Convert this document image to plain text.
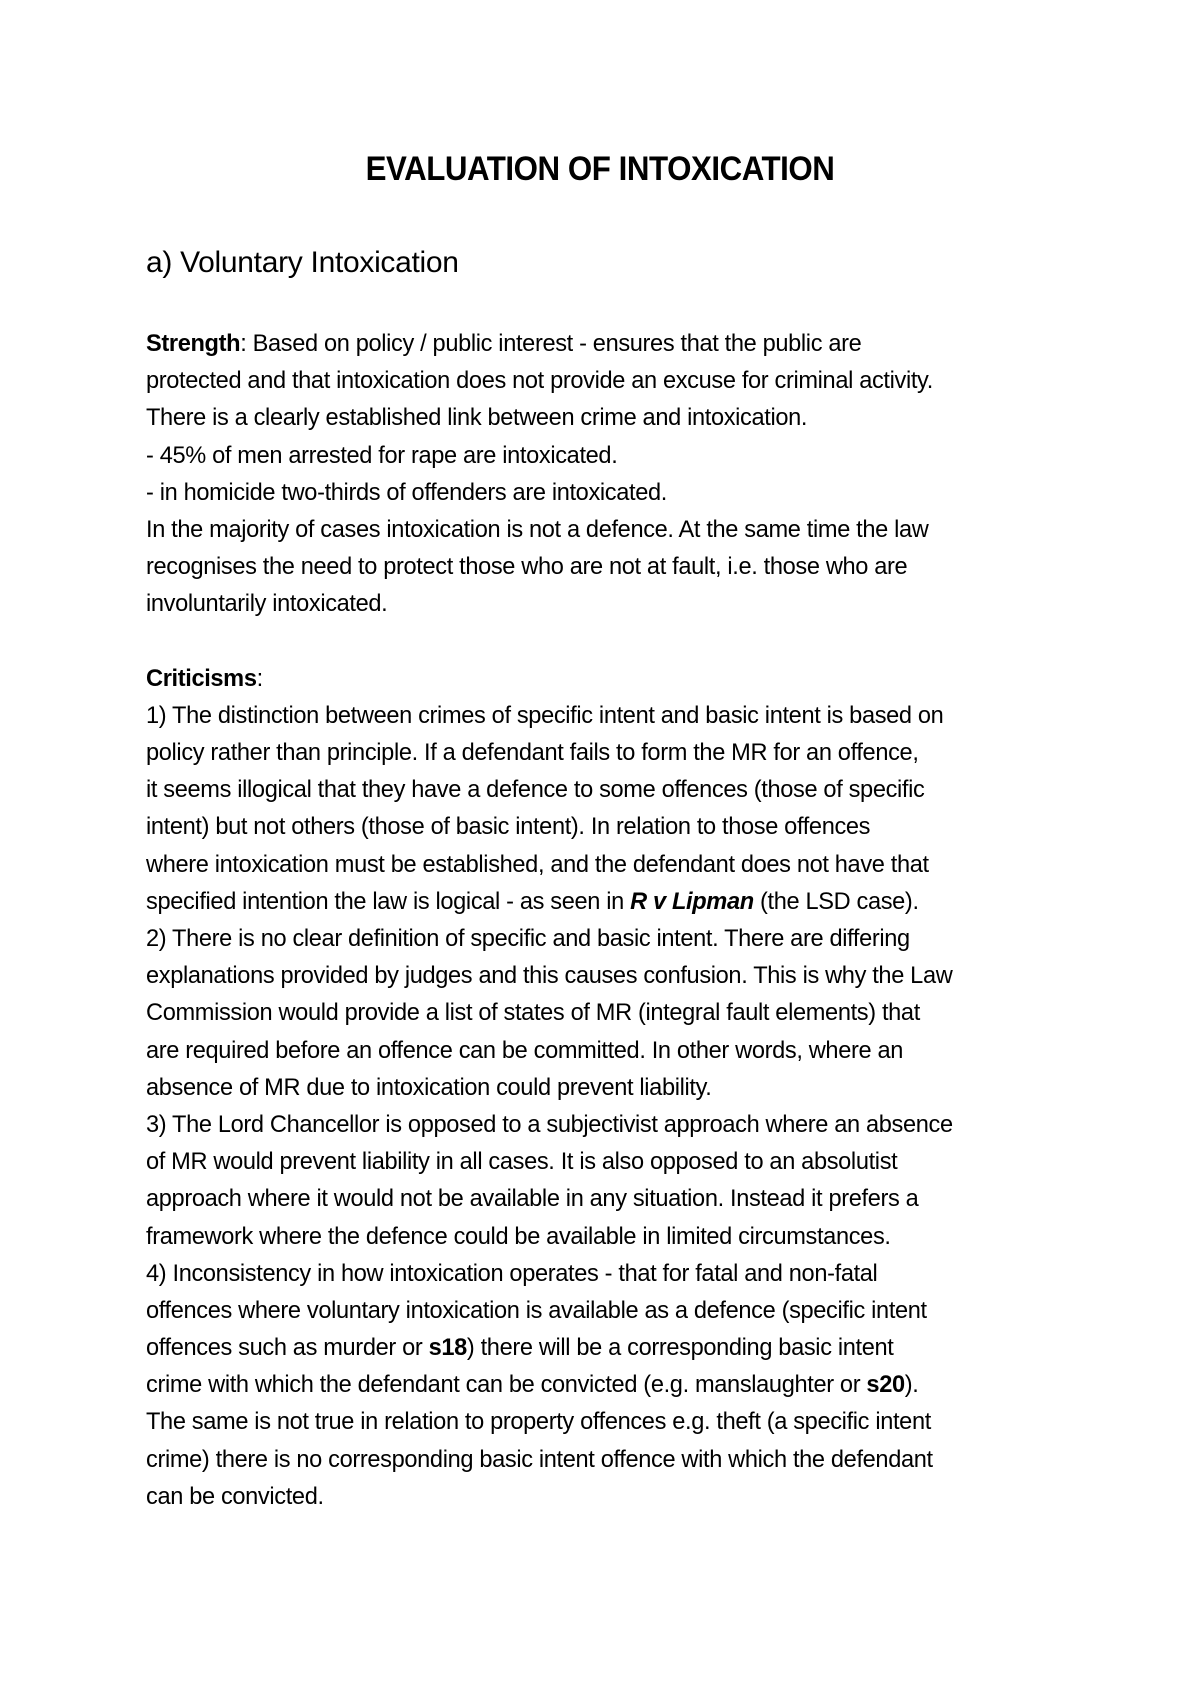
EVALUATION OF INTOXICATION
a) Voluntary Intoxication
Strength: Based on policy / public interest - ensures that the public are
protected and that intoxication does not provide an excuse for criminal activity.
There is a clearly established link between crime and intoxication.
- 45% of men arrested for rape are intoxicated.
- in homicide two-thirds of offenders are intoxicated.
In the majority of cases intoxication is not a defence. At the same time the law
recognises the need to protect those who are not at fault, i.e. those who are
involuntarily intoxicated.
Criticisms:
1) The distinction between crimes of specific intent and basic intent is based on
policy rather than principle. If a defendant fails to form the MR for an offence,
it seems illogical that they have a defence to some offences (those of specific
intent) but not others (those of basic intent). In relation to those offences
where intoxication must be established, and the defendant does not have that
specified intention the law is logical - as seen in R v Lipman (the LSD case).
2) There is no clear definition of specific and basic intent. There are differing
explanations provided by judges and this causes confusion. This is why the Law
Commission would provide a list of states of MR (integral fault elements) that
are required before an offence can be committed. In other words, where an
absence of MR due to intoxication could prevent liability.
3) The Lord Chancellor is opposed to a subjectivist approach where an absence
of MR would prevent liability in all cases. It is also opposed to an absolutist
approach where it would not be available in any situation. Instead it prefers a
framework where the defence could be available in limited circumstances.
4) Inconsistency in how intoxication operates - that for fatal and non-fatal
offences where voluntary intoxication is available as a defence (specific intent
offences such as murder or s18) there will be a corresponding basic intent
crime with which the defendant can be convicted (e.g. manslaughter or s20).
The same is not true in relation to property offences e.g. theft (a specific intent
crime) there is no corresponding basic intent offence with which the defendant
can be convicted.
